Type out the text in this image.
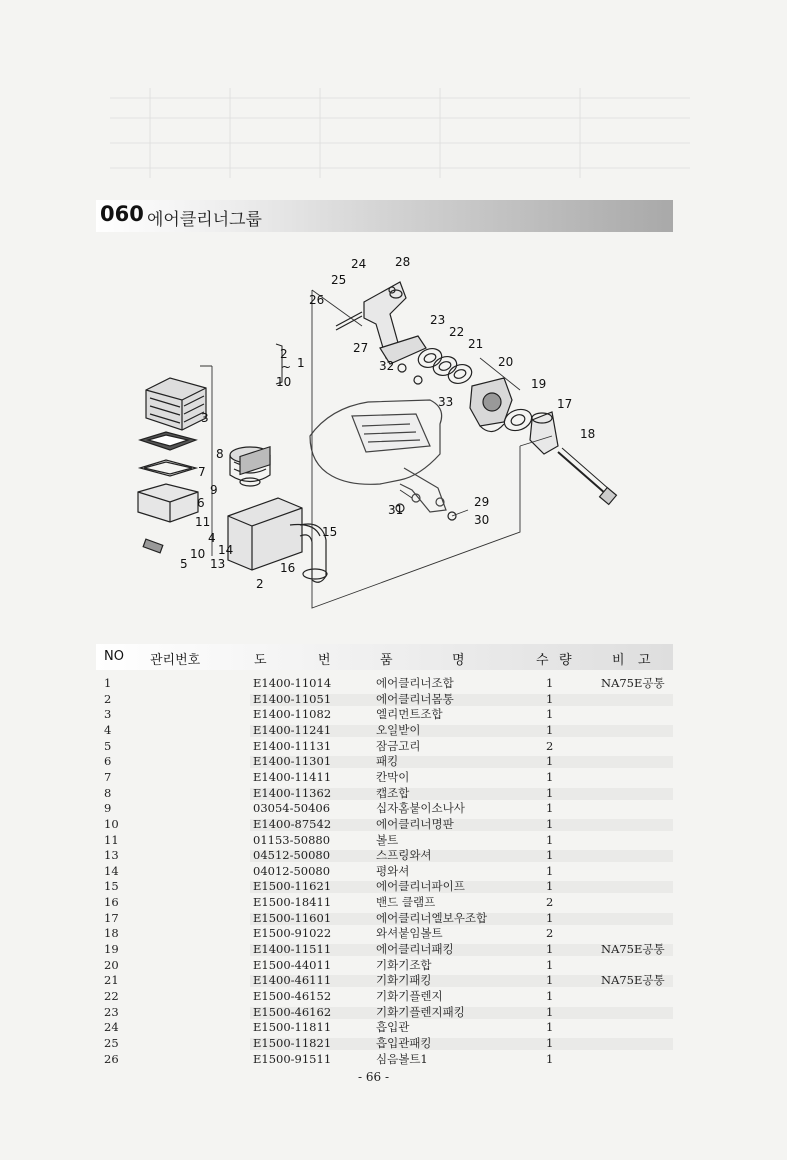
060 에어클리너그룹
24 28
25
26
27
23
22
21
20
32
19
17
18
33
2
~ 1
10
3
8
7
9
6
11
4
10 14
13
5
15
16
2
31
29
30
NO 관리번호	도	번	품	명	수 량	비 고
1	E1400-11014	에어클리너조합	1	NA75E공통
2	E1400-11051	에어클리너몸통	1
3	E1400-11082	엘리먼트조합	1
4	E1400-11241	오일받이	1
5	E1400-11131	잠금고리	2
6	E1400-11301	패킹	1
7	E1400-11411	칸막이	1
8	E1400-11362	캡조합	1
9	03054-50406	십자홈붙이소나사	1
10	E1400-87542	에어클리너명판	1
11	01153-50880	볼트	1
13	04512-50080	스프링와셔	1
14	04012-50080	평와셔	1
15	E1500-11621	에어클리너파이프	1
16	E1500-18411	밴드 클램프	2
17	E1500-11601	에어클리너엘보우조합	1
18	E1500-91022	와셔붙임볼트	2
19	E1400-11511	에어클리너패킹	1	NA75E공통
20	E1500-44011	기화기조합	1
21	E1400-46111	기화기패킹	1	NA75E공통
22	E1500-46152	기화기플렌지	1
23	E1500-46162	기화기플렌지패킹	1
24	E1500-11811	흡입관	1
25	E1500-11821	흡입관패킹	1
26	E1500-91511	심음볼트1	1
- 66 -
